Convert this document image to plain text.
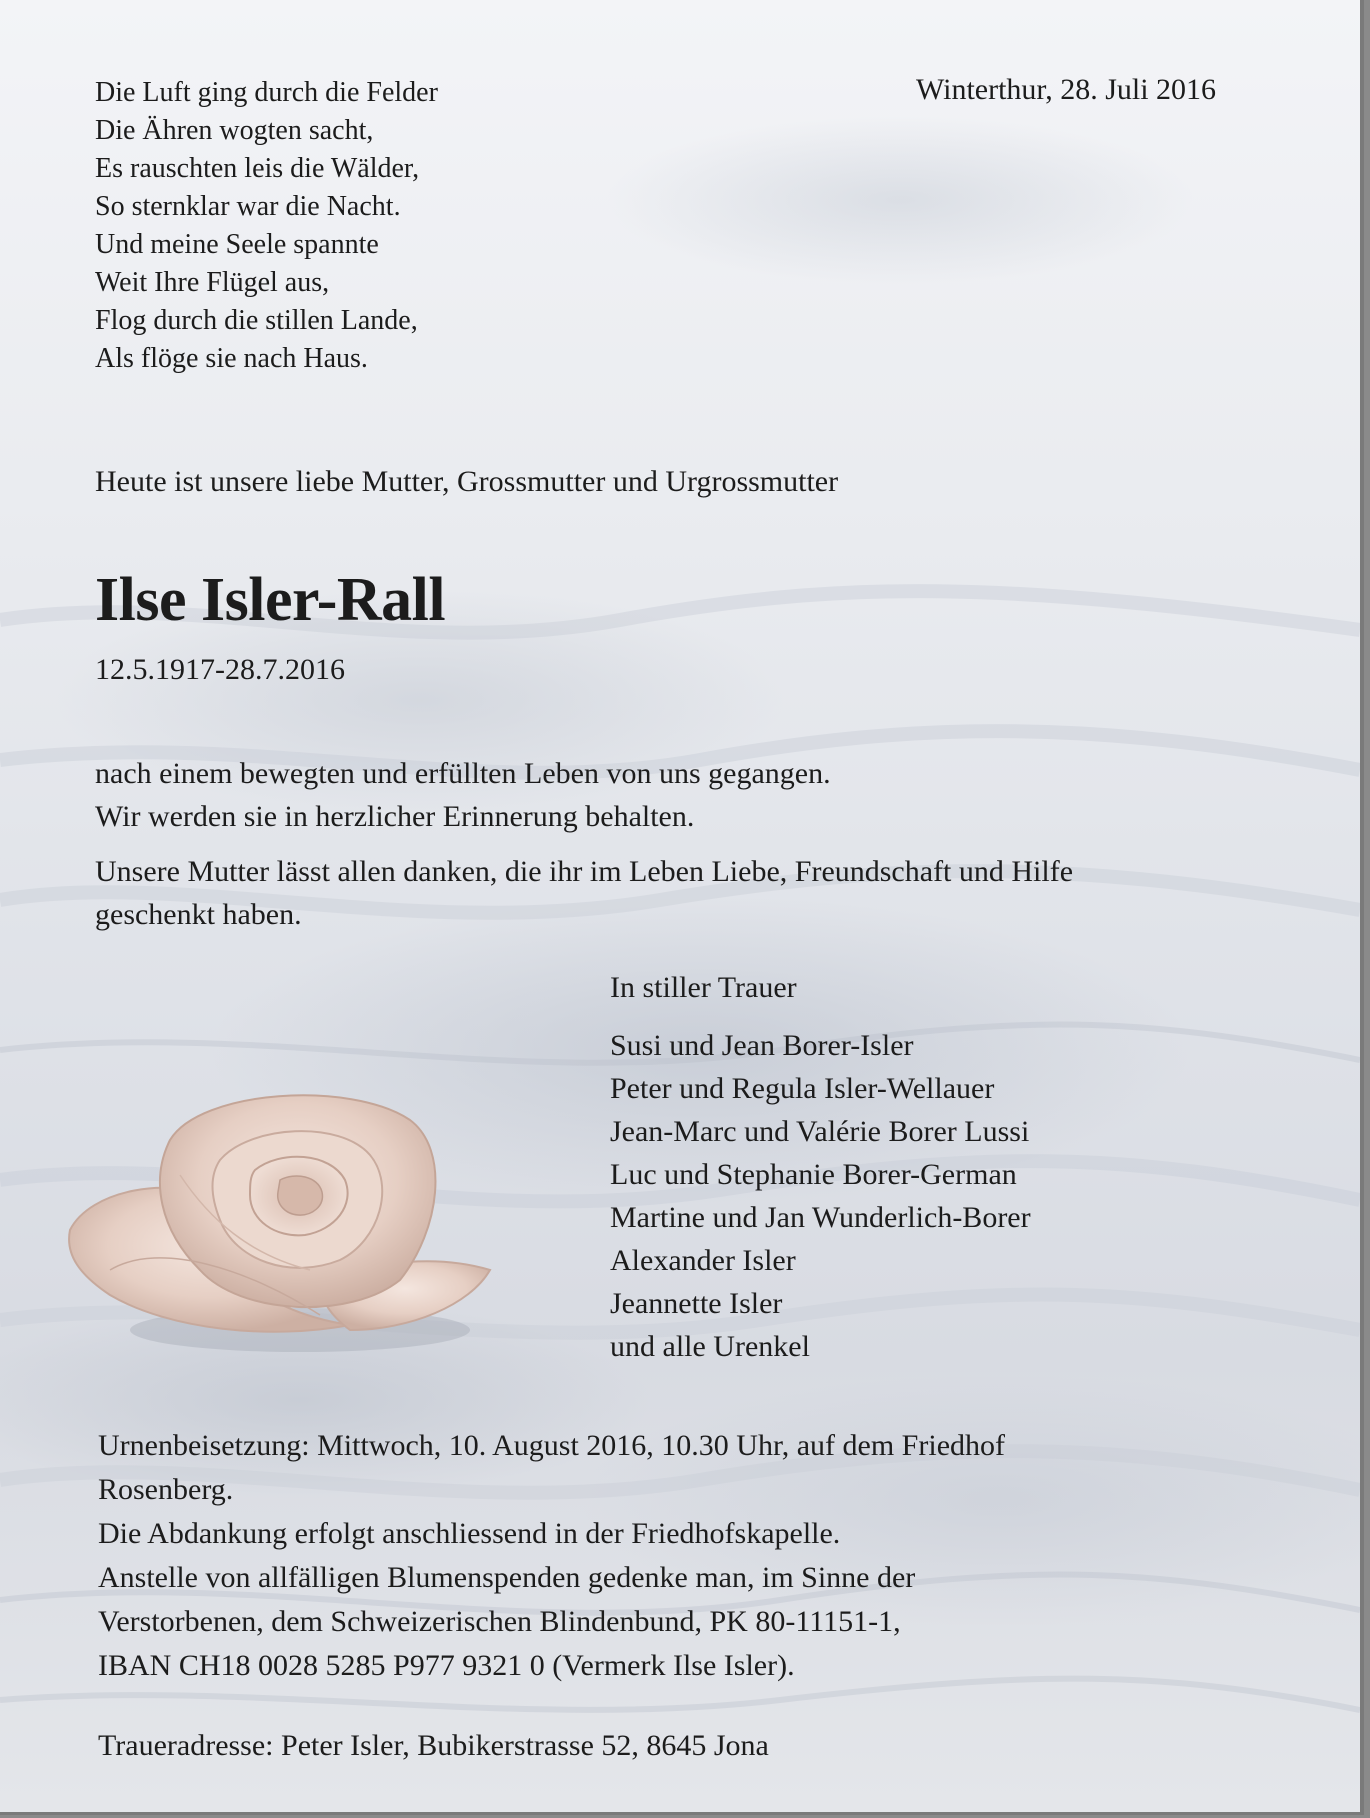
Die Luft ging durch die Felder
Die Ähren wogten sacht,
Es rauschten leis die Wälder,
So sternklar war die Nacht.
Und meine Seele spannte
Weit Ihre Flügel aus,
Flog durch die stillen Lande,
Als flöge sie nach Haus.
Winterthur, 28. Juli 2016
Heute ist unsere liebe Mutter, Grossmutter und Urgrossmutter
Ilse Isler-Rall
12.5.1917-28.7.2016
nach einem bewegten und erfüllten Leben von uns gegangen.
Wir werden sie in herzlicher Erinnerung behalten.
Unsere Mutter lässt allen danken, die ihr im Leben Liebe, Freundschaft und Hilfe
geschenkt haben.
In stiller Trauer
Susi und Jean Borer-Isler
Peter und Regula Isler-Wellauer
Jean-Marc und Valérie Borer Lussi
Luc und Stephanie Borer-German
Martine und Jan Wunderlich-Borer
Alexander Isler
Jeannette Isler
und alle Urenkel
Urnenbeisetzung: Mittwoch, 10. August 2016, 10.30 Uhr, auf dem Friedhof
Rosenberg.
Die Abdankung erfolgt anschliessend in der Friedhofskapelle.
Anstelle von allfälligen Blumenspenden gedenke man, im Sinne der
Verstorbenen, dem Schweizerischen Blindenbund, PK 80-11151-1,
IBAN CH18 0028 5285 P977 9321 0 (Vermerk Ilse Isler).
Traueradresse: Peter Isler, Bubikerstrasse 52, 8645 Jona
